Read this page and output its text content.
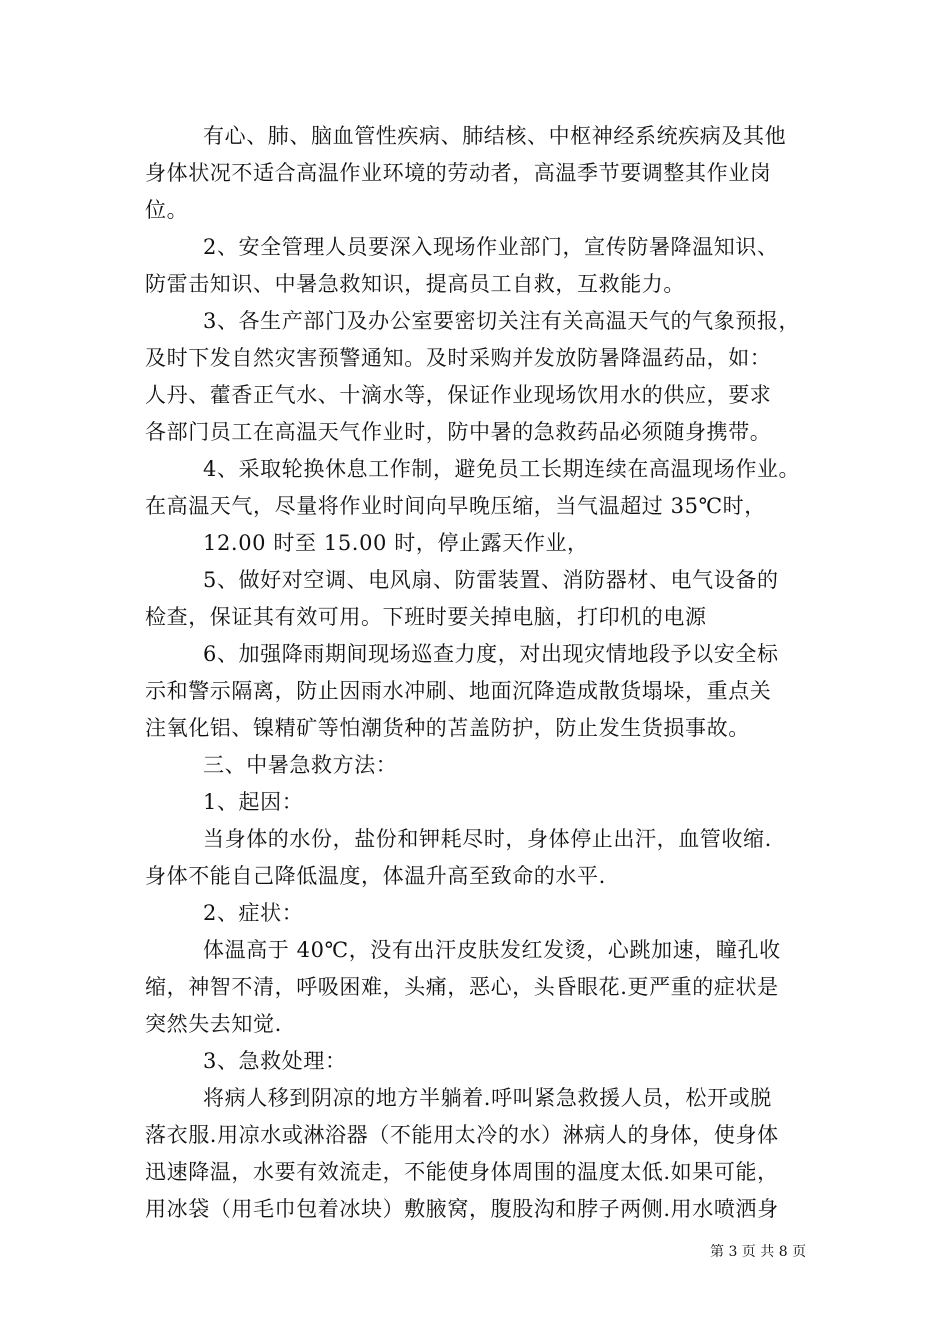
有心、肺、脑血管性疾病、肺结核、中枢神经系统疾病及其他

身体状况不适合高温作业环境的劳动者，高温季节要调整其作业岗

位。

2、安全管理人员要深入现场作业部门，宣传防暑降温知识、

防雷击知识、中暑急救知识，提高员工自救，互救能力。

3、各生产部门及办公室要密切关注有关高温天气的气象预报，

及时下发自然灾害预警通知。及时采购并发放防暑降温药品，如：

人丹、藿香正气水、十滴水等，保证作业现场饮用水的供应，要求

各部门员工在高温天气作业时，防中暑的急救药品必须随身携带。

4、采取轮换休息工作制，避免员工长期连续在高温现场作业。

在高温天气，尽量将作业时间向早晚压缩，当气温超过 35℃时，

12.00 时至 15.00 时，停止露天作业，

5、做好对空调、电风扇、防雷装置、消防器材、电气设备的

检查，保证其有效可用。下班时要关掉电脑，打印机的电源

6、加强降雨期间现场巡查力度，对出现灾情地段予以安全标

示和警示隔离，防止因雨水冲刷、地面沉降造成散货塌垛，重点关

注氧化铝、镍精矿等怕潮货种的苫盖防护，防止发生货损事故。

三、中暑急救方法：

1、起因：

当身体的水份，盐份和钾耗尽时，身体停止出汗，血管收缩.

身体不能自己降低温度，体温升高至致命的水平.

2、症状：

体温高于 40℃，没有出汗皮肤发红发烫，心跳加速，瞳孔收

缩，神智不清，呼吸困难，头痛，恶心，头昏眼花.更严重的症状是

突然失去知觉.

3、急救处理：

将病人移到阴凉的地方半躺着.呼叫紧急救援人员，松开或脱

落衣服.用凉水或淋浴器（不能用太冷的水）淋病人的身体，使身体

迅速降温，水要有效流走，不能使身体周围的温度太低.如果可能，

用冰袋（用毛巾包着冰块）敷腋窝，腹股沟和脖子两侧.用水喷洒身

第 3 页 共 8 页
